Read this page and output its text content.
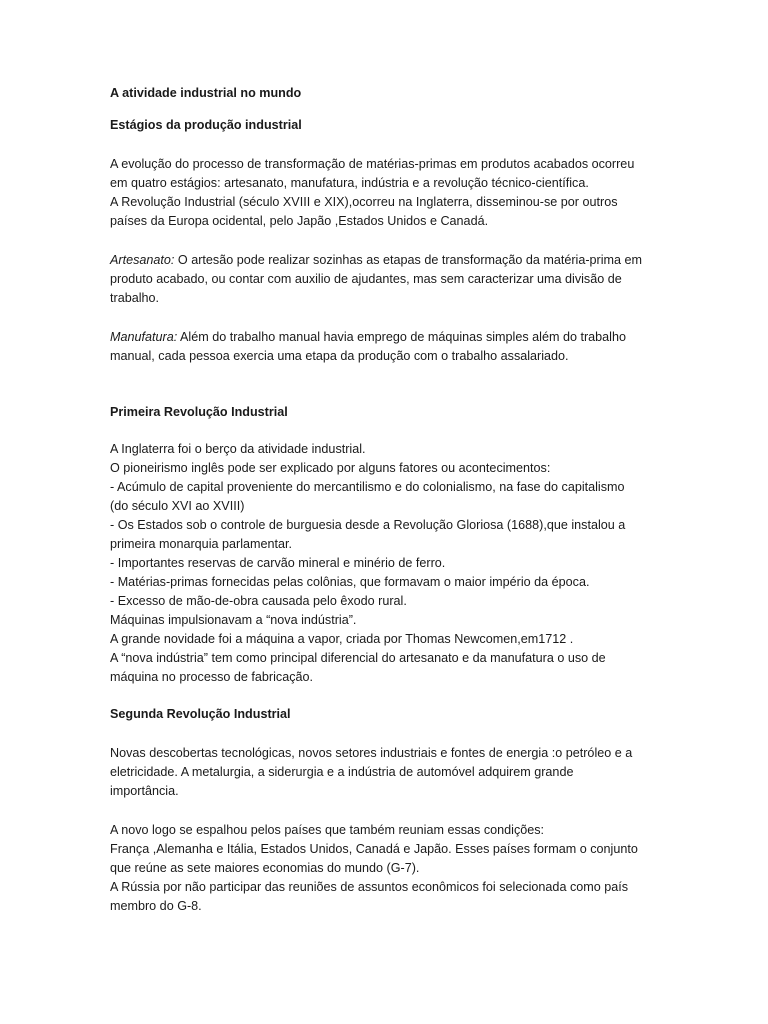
A atividade industrial no mundo

Estágios da produção industrial

A evolução do processo de transformação de matérias-primas em produtos acabados ocorreu
em quatro estágios: artesanato, manufatura, indústria e a revolução técnico-científica.
A Revolução Industrial (século XVIII e XIX),ocorreu na Inglaterra, disseminou-se por outros
países da Europa ocidental, pelo Japão ,Estados Unidos e Canadá.

Artesanato: O artesão pode realizar sozinhas as etapas de transformação da matéria-prima em
produto acabado, ou contar com auxilio de ajudantes, mas sem caracterizar uma divisão de
trabalho.

Manufatura: Além do trabalho manual havia emprego de máquinas simples além do trabalho
manual, cada pessoa exercia uma etapa da produção com o trabalho assalariado.

Primeira Revolução Industrial

A Inglaterra foi o berço da atividade industrial.
O pioneirismo inglês pode ser explicado por alguns fatores ou acontecimentos:
- Acúmulo de capital proveniente do mercantilismo e do colonialismo, na fase do capitalismo
(do século XVI ao XVIII)
- Os Estados sob o controle de burguesia desde a Revolução Gloriosa (1688),que instalou a
primeira monarquia parlamentar.
- Importantes reservas de carvão mineral e minério de ferro.
- Matérias-primas fornecidas pelas colônias, que formavam o maior império da época.
- Excesso de mão-de-obra causada pelo êxodo rural.
Máquinas impulsionavam a “nova indústria”.
A grande novidade foi a máquina a vapor, criada por Thomas Newcomen,em1712 .
A “nova indústria” tem como principal diferencial do artesanato e da manufatura o uso de
máquina no processo de fabricação.

Segunda Revolução Industrial

Novas descobertas tecnológicas, novos setores industriais e fontes de energia :o petróleo e a
eletricidade. A metalurgia, a siderurgia e a indústria de automóvel adquirem grande
importância.

A novo logo se espalhou pelos países que também reuniam essas condições:
França ,Alemanha e Itália, Estados Unidos, Canadá e Japão. Esses países formam o conjunto
que reúne as sete maiores economias do mundo (G-7).
A Rússia por não participar das reuniões de assuntos econômicos foi selecionada como país
membro do G-8.
